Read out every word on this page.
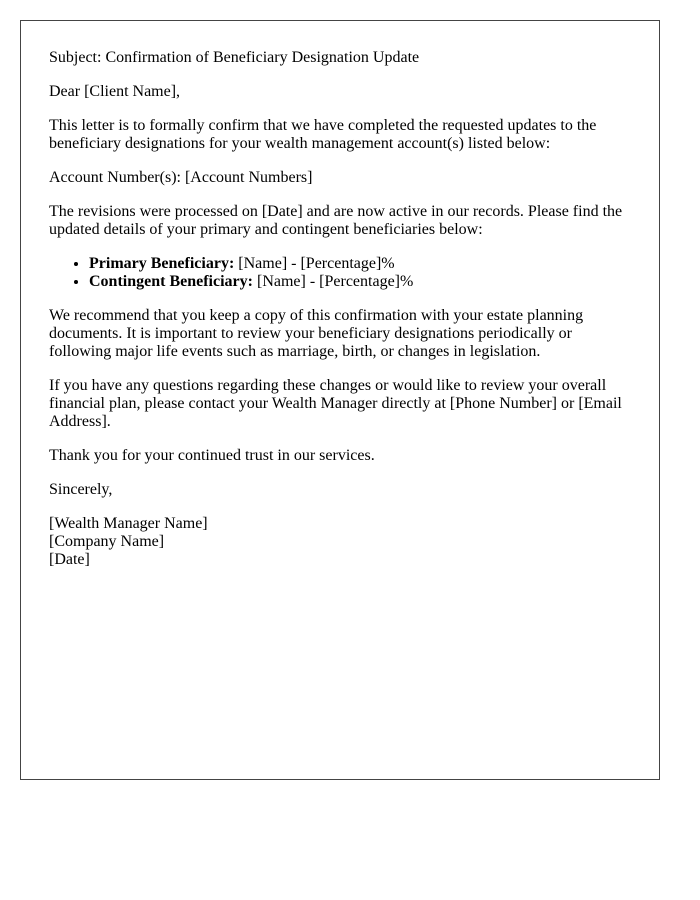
Subject: Confirmation of Beneficiary Designation Update

Dear [Client Name],

This letter is to formally confirm that we have completed the requested updates to the beneficiary designations for your wealth management account(s) listed below:

Account Number(s): [Account Numbers]

The revisions were processed on [Date] and are now active in our records. Please find the updated details of your primary and contingent beneficiaries below:

• Primary Beneficiary: [Name] - [Percentage]%
• Contingent Beneficiary: [Name] - [Percentage]%

We recommend that you keep a copy of this confirmation with your estate planning documents. It is important to review your beneficiary designations periodically or following major life events such as marriage, birth, or changes in legislation.

If you have any questions regarding these changes or would like to review your overall financial plan, please contact your Wealth Manager directly at [Phone Number] or [Email Address].

Thank you for your continued trust in our services.

Sincerely,

[Wealth Manager Name]
[Company Name]
[Date]
